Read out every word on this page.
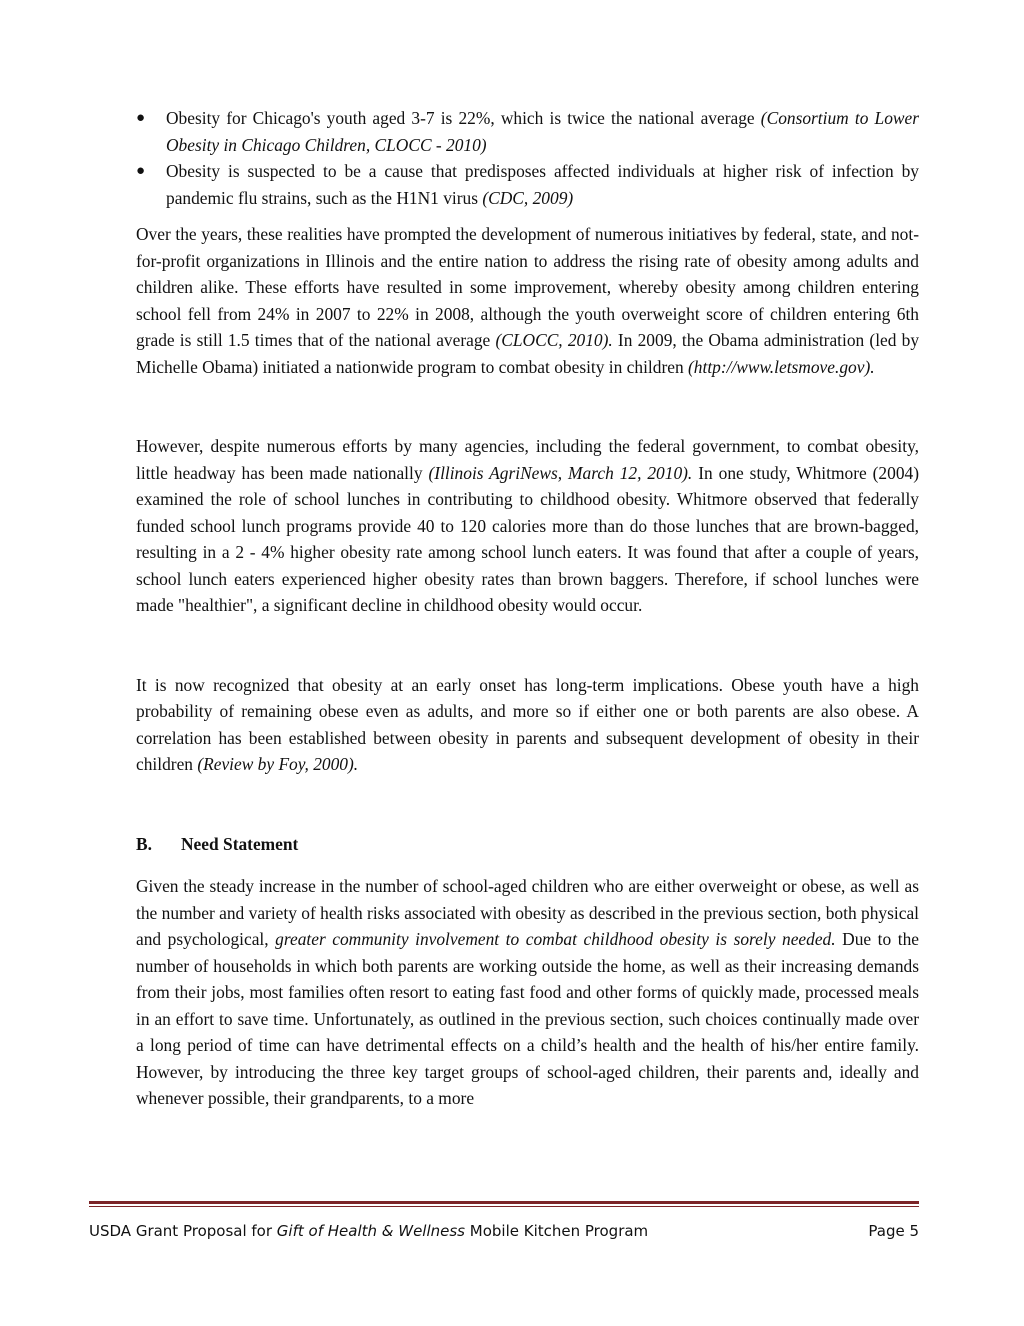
● Obesity for Chicago's youth aged 3-7 is 22%, which is twice the national average (Consortium to Lower Obesity in Chicago Children, CLOCC - 2010)
● Obesity is suspected to be a cause that predisposes affected individuals at higher risk of infection by pandemic flu strains, such as the H1N1 virus (CDC, 2009)

Over the years, these realities have prompted the development of numerous initiatives by federal, state, and not-for-profit organizations in Illinois and the entire nation to address the rising rate of obesity among adults and children alike. These efforts have resulted in some improvement, whereby obesity among children entering school fell from 24% in 2007 to 22% in 2008, although the youth overweight score of children entering 6th grade is still 1.5 times that of the national average (CLOCC, 2010). In 2009, the Obama administration (led by Michelle Obama) initiated a nationwide program to combat obesity in children (http://www.letsmove.gov).

However, despite numerous efforts by many agencies, including the federal government, to combat obesity, little headway has been made nationally (Illinois AgriNews, March 12, 2010). In one study, Whitmore (2004) examined the role of school lunches in contributing to childhood obesity. Whitmore observed that federally funded school lunch programs provide 40 to 120 calories more than do those lunches that are brown-bagged, resulting in a 2 - 4% higher obesity rate among school lunch eaters. It was found that after a couple of years, school lunch eaters experienced higher obesity rates than brown baggers. Therefore, if school lunches were made "healthier", a significant decline in childhood obesity would occur.

It is now recognized that obesity at an early onset has long-term implications. Obese youth have a high probability of remaining obese even as adults, and more so if either one or both parents are also obese. A correlation has been established between obesity in parents and subsequent development of obesity in their children (Review by Foy, 2000).

B. Need Statement

Given the steady increase in the number of school-aged children who are either overweight or obese, as well as the number and variety of health risks associated with obesity as described in the previous section, both physical and psychological, greater community involvement to combat childhood obesity is sorely needed. Due to the number of households in which both parents are working outside the home, as well as their increasing demands from their jobs, most families often resort to eating fast food and other forms of quickly made, processed meals in an effort to save time. Unfortunately, as outlined in the previous section, such choices continually made over a long period of time can have detrimental effects on a child’s health and the health of his/her entire family. However, by introducing the three key target groups of school-aged children, their parents and, ideally and whenever possible, their grandparents, to a more

USDA Grant Proposal for Gift of Health & Wellness Mobile Kitchen Program	Page 5
